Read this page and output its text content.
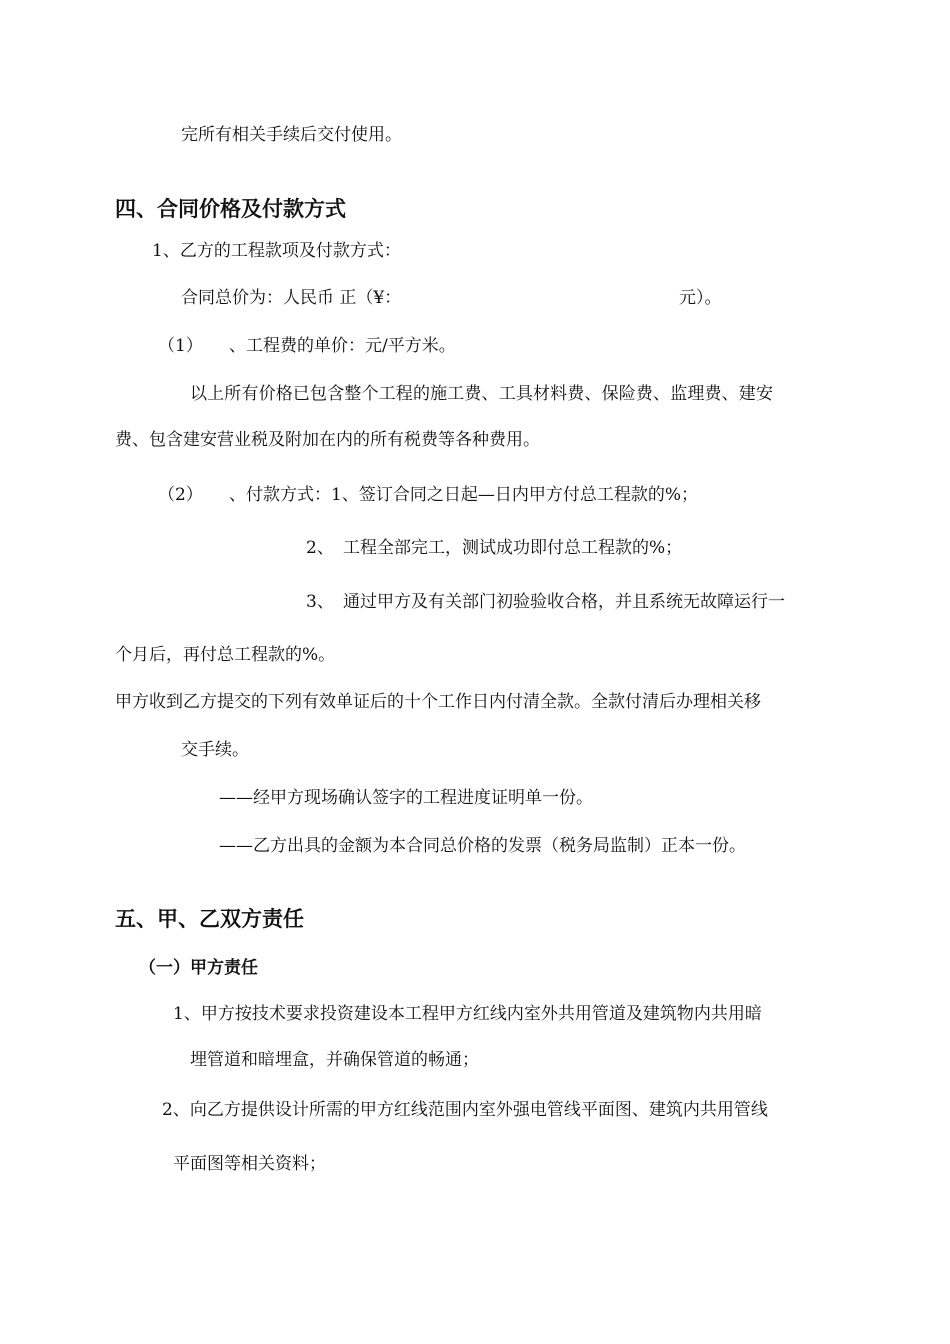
完所有相关手续后交付使用。
四、合同价格及付款方式
1、乙方的工程款项及付款方式：
合同总价为：人民币 正（¥：	元）。
（1） 、工程费的单价：元/平方米。
以上所有价格已包含整个工程的施工费、工具材料费、保险费、监理费、建安
费、包含建安营业税及附加在内的所有税费等各种费用。
（2） 、付款方式：1、签订合同之日起—日内甲方付总工程款的%；
2、 工程全部完工，测试成功即付总工程款的%；
3、 通过甲方及有关部门初验验收合格，并且系统无故障运行一
个月后，再付总工程款的%。
甲方收到乙方提交的下列有效单证后的十个工作日内付清全款。全款付清后办理相关移
交手续。
——经甲方现场确认签字的工程进度证明单一份。
——乙方出具的金额为本合同总价格的发票（税务局监制）正本一份。
五、甲、乙双方责任
（一）甲方责任
1、甲方按技术要求投资建设本工程甲方红线内室外共用管道及建筑物内共用暗
埋管道和暗埋盒，并确保管道的畅通；
2、向乙方提供设计所需的甲方红线范围内室外强电管线平面图、建筑内共用管线
平面图等相关资料；
